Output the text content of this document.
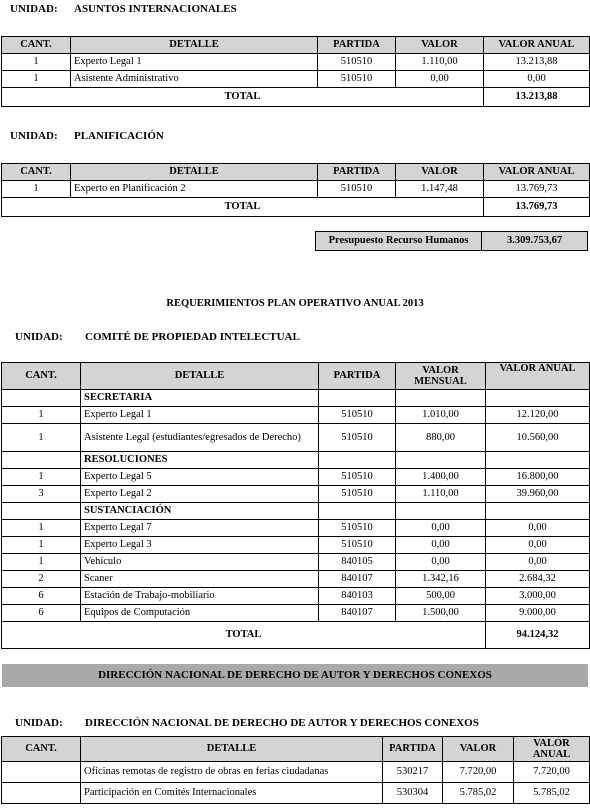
UNIDAD: ASUNTOS INTERNACIONALES
CANT.	DETALLE	PARTIDA	VALOR	VALOR ANUAL
1	Experto Legal 1	510510	1.110,00	13.213,88
1	Asistente Administrativo	510510	0,00	0,00
TOTAL				13.213,88
UNIDAD: PLANIFICACIÓN
CANT.	DETALLE	PARTIDA	VALOR	VALOR ANUAL
1	Experto en Planificación 2	510510	1.147,48	13.769,73
TOTAL				13.769,73
Presupuesto Recurso Humanos	3.309.753,67
REQUERIMIENTOS PLAN OPERATIVO ANUAL 2013
UNIDAD: COMITÉ DE PROPIEDAD INTELECTUAL
CANT.	DETALLE	PARTIDA	VALOR MENSUAL	VALOR ANUAL
	SECRETARIA			
1	Experto Legal 1	510510	1.010,00	12.120,00
1	Asistente Legal (estudiantes/egresados de Derecho)	510510	880,00	10.560,00
	RESOLUCIONES			
1	Experto Legal 5	510510	1.400,00	16.800,00
3	Experto Legal 2	510510	1.110,00	39.960,00
	SUSTANCIACIÓN			
1	Experto Legal 7	510510	0,00	0,00
1	Experto Legal 3	510510	0,00	0,00
1	Vehículo	840105	0,00	0,00
2	Scaner	840107	1.342,16	2.684,32
6	Estación de Trabajo-mobiliario	840103	500,00	3.000,00
6	Equipos de Computación	840107	1.500,00	9.000,00
TOTAL				94.124,32
DIRECCIÓN NACIONAL DE DERECHO DE AUTOR Y DERECHOS CONEXOS
UNIDAD: DIRECCIÓN NACIONAL DE DERECHO DE AUTOR Y DERECHOS CONEXOS
CANT.	DETALLE	PARTIDA	VALOR	VALOR ANUAL
	Oficinas remotas de registro de obras en ferias ciudadanas	530217	7.720,00	7.720,00
	Participación en Comités Internacionales	530304	5.785,02	5.785,02
